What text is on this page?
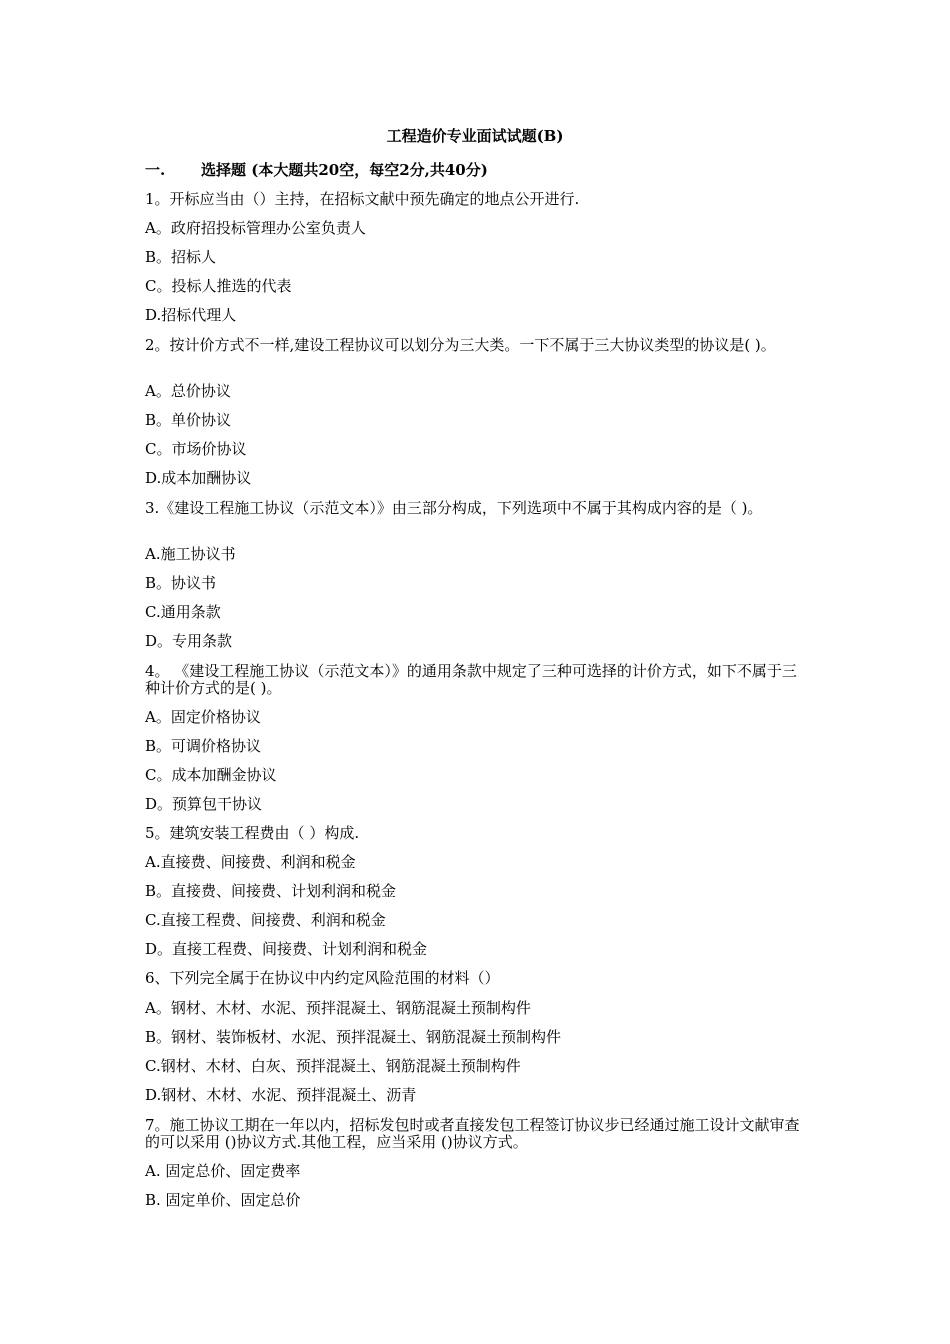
工程造价专业面试试题(B)
一. 选择题 (本大题共20空，每空2分,共40分)
1。开标应当由（）主持，在招标文献中预先确定的地点公开进行.
A。政府招投标管理办公室负责人
B。招标人
C。投标人推选的代表
D.招标代理人
2。按计价方式不一样,建设工程协议可以划分为三大类。一下不属于三大协议类型的协议是( )。
A。总价协议
B。单价协议
C。市场价协议
D.成本加酬协议
3.《建设工程施工协议（示范文本）》由三部分构成，下列选项中不属于其构成内容的是（ )。
A.施工协议书
B。协议书
C.通用条款
D。专用条款
4。 《建设工程施工协议（示范文本）》的通用条款中规定了三种可选择的计价方式，如下不属于三种计价方式的是( )。
A。固定价格协议
B。可调价格协议
C。成本加酬金协议
D。预算包干协议
5。建筑安装工程费由（ ）构成.
A.直接费、间接费、利润和税金
B。直接费、间接费、计划利润和税金
C.直接工程费、间接费、利润和税金
D。直接工程费、间接费、计划利润和税金
6、下列完全属于在协议中内约定风险范围的材料（）
A。钢材、木材、水泥、预拌混凝土、钢筋混凝土预制构件
B。钢材、装饰板材、水泥、预拌混凝土、钢筋混凝土预制构件
C.钢材、木材、白灰、预拌混凝土、钢筋混凝土预制构件
D.钢材、木材、水泥、预拌混凝土、沥青
7。施工协议工期在一年以内，招标发包时或者直接发包工程签订协议步已经通过施工设计文献审查的可以采用 ()协议方式.其他工程，应当采用 ()协议方式。
A. 固定总价、固定费率
B. 固定单价、固定总价
